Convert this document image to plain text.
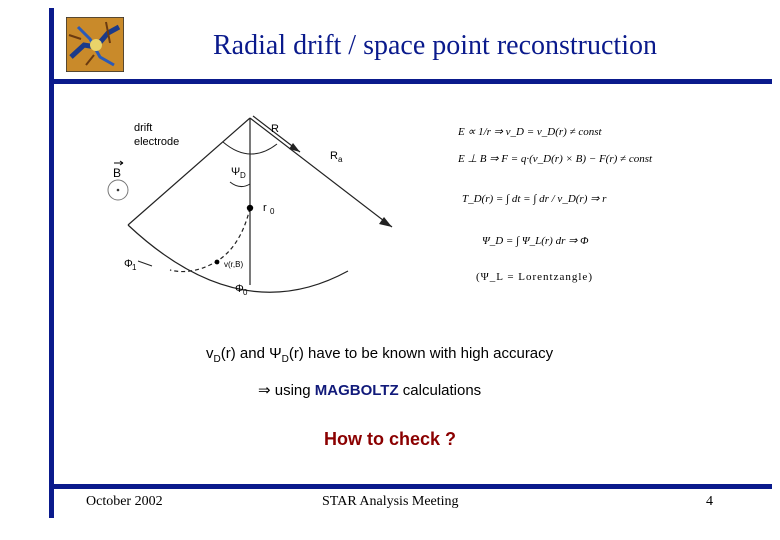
Radial drift / space point reconstruction
drift
electrode
B
R
R a
Ψ D
r 0
Φ 1	v(r,B)
Φ 0
E ∝ 1/r ⇒ v_D = v_D(r) ≠ const
E ⊥ B ⇒ F = q·(v_D(r) × B) − F(r) ≠ const
T_D(r) = ∫ dt = ∫ dr / v_D(r) ⇒ r
Ψ_D = ∫ Ψ_L(r) dr ⇒ Φ
(Ψ_L = Lorentzangle)
$v_D(r)$ and $\Psi_D(r)$ have to be known with high accuracy
⇒ using MAGBOLTZ calculations
How to check ?
October 2002	STAR Analysis Meeting	4
